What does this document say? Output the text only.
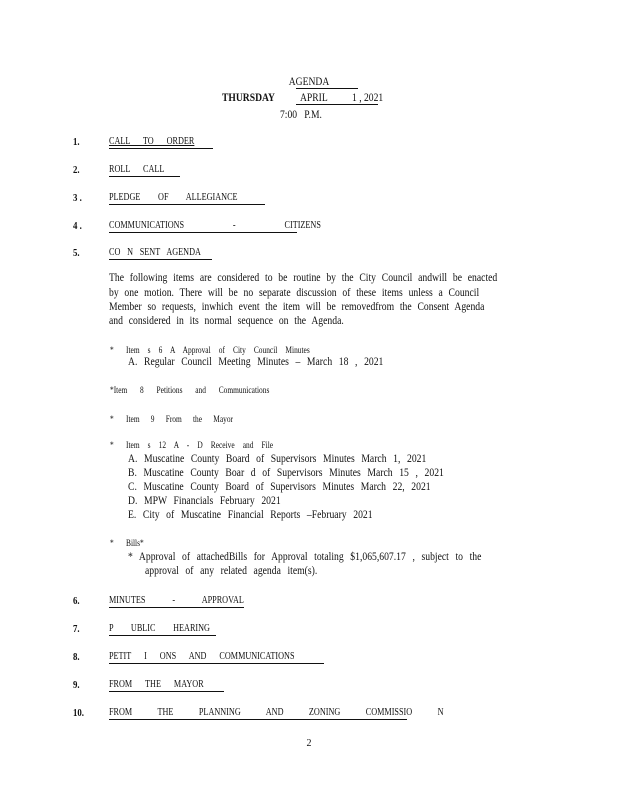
AGENDA
THURSDAY APRIL 1 , 2021
7:00 P.M.
1.	CALL TO ORDER
2.	ROLL CALL
3 .	PLEDGE OF ALLEGIANCE
4 .	COMMUNICATIONS - CITIZENS
5.	CO N SENT AGENDA
The following items are considered to be routine by the City Council andwill be enacted
by one motion. There will be no separate discussion of these items unless a Council
Member so requests, inwhich event the item will be removedfrom the Consent Agenda
and considered in its normal sequence on the Agenda.
* Item s 6 A Approval of City Council Minutes
A. Regular Council Meeting Minutes – March 18 , 2021
*Item 8 Petitions and Communications
* Item 9 From the Mayor
* Item s 12 A - D Receive and File
A. Muscatine County Board of Supervisors Minutes March 1, 2021
B. Muscatine County Boar d of Supervisors Minutes March 15 , 2021
C. Muscatine County Board of Supervisors Minutes March 22, 2021
D. MPW Financials February 2021
E. City of Muscatine Financial Reports –February 2021
* Bills*
* Approval of attachedBills for Approval totaling $1,065,607.17 , subject to the
approval of any related agenda item(s).
6.	MINUTES - APPROVAL
7.	P UBLIC HEARING
8.	PETIT I ONS AND COMMUNICATIONS
9.	FROM THE MAYOR
10. FROM THE PLANNING AND ZONING COMMISSIO N
2
